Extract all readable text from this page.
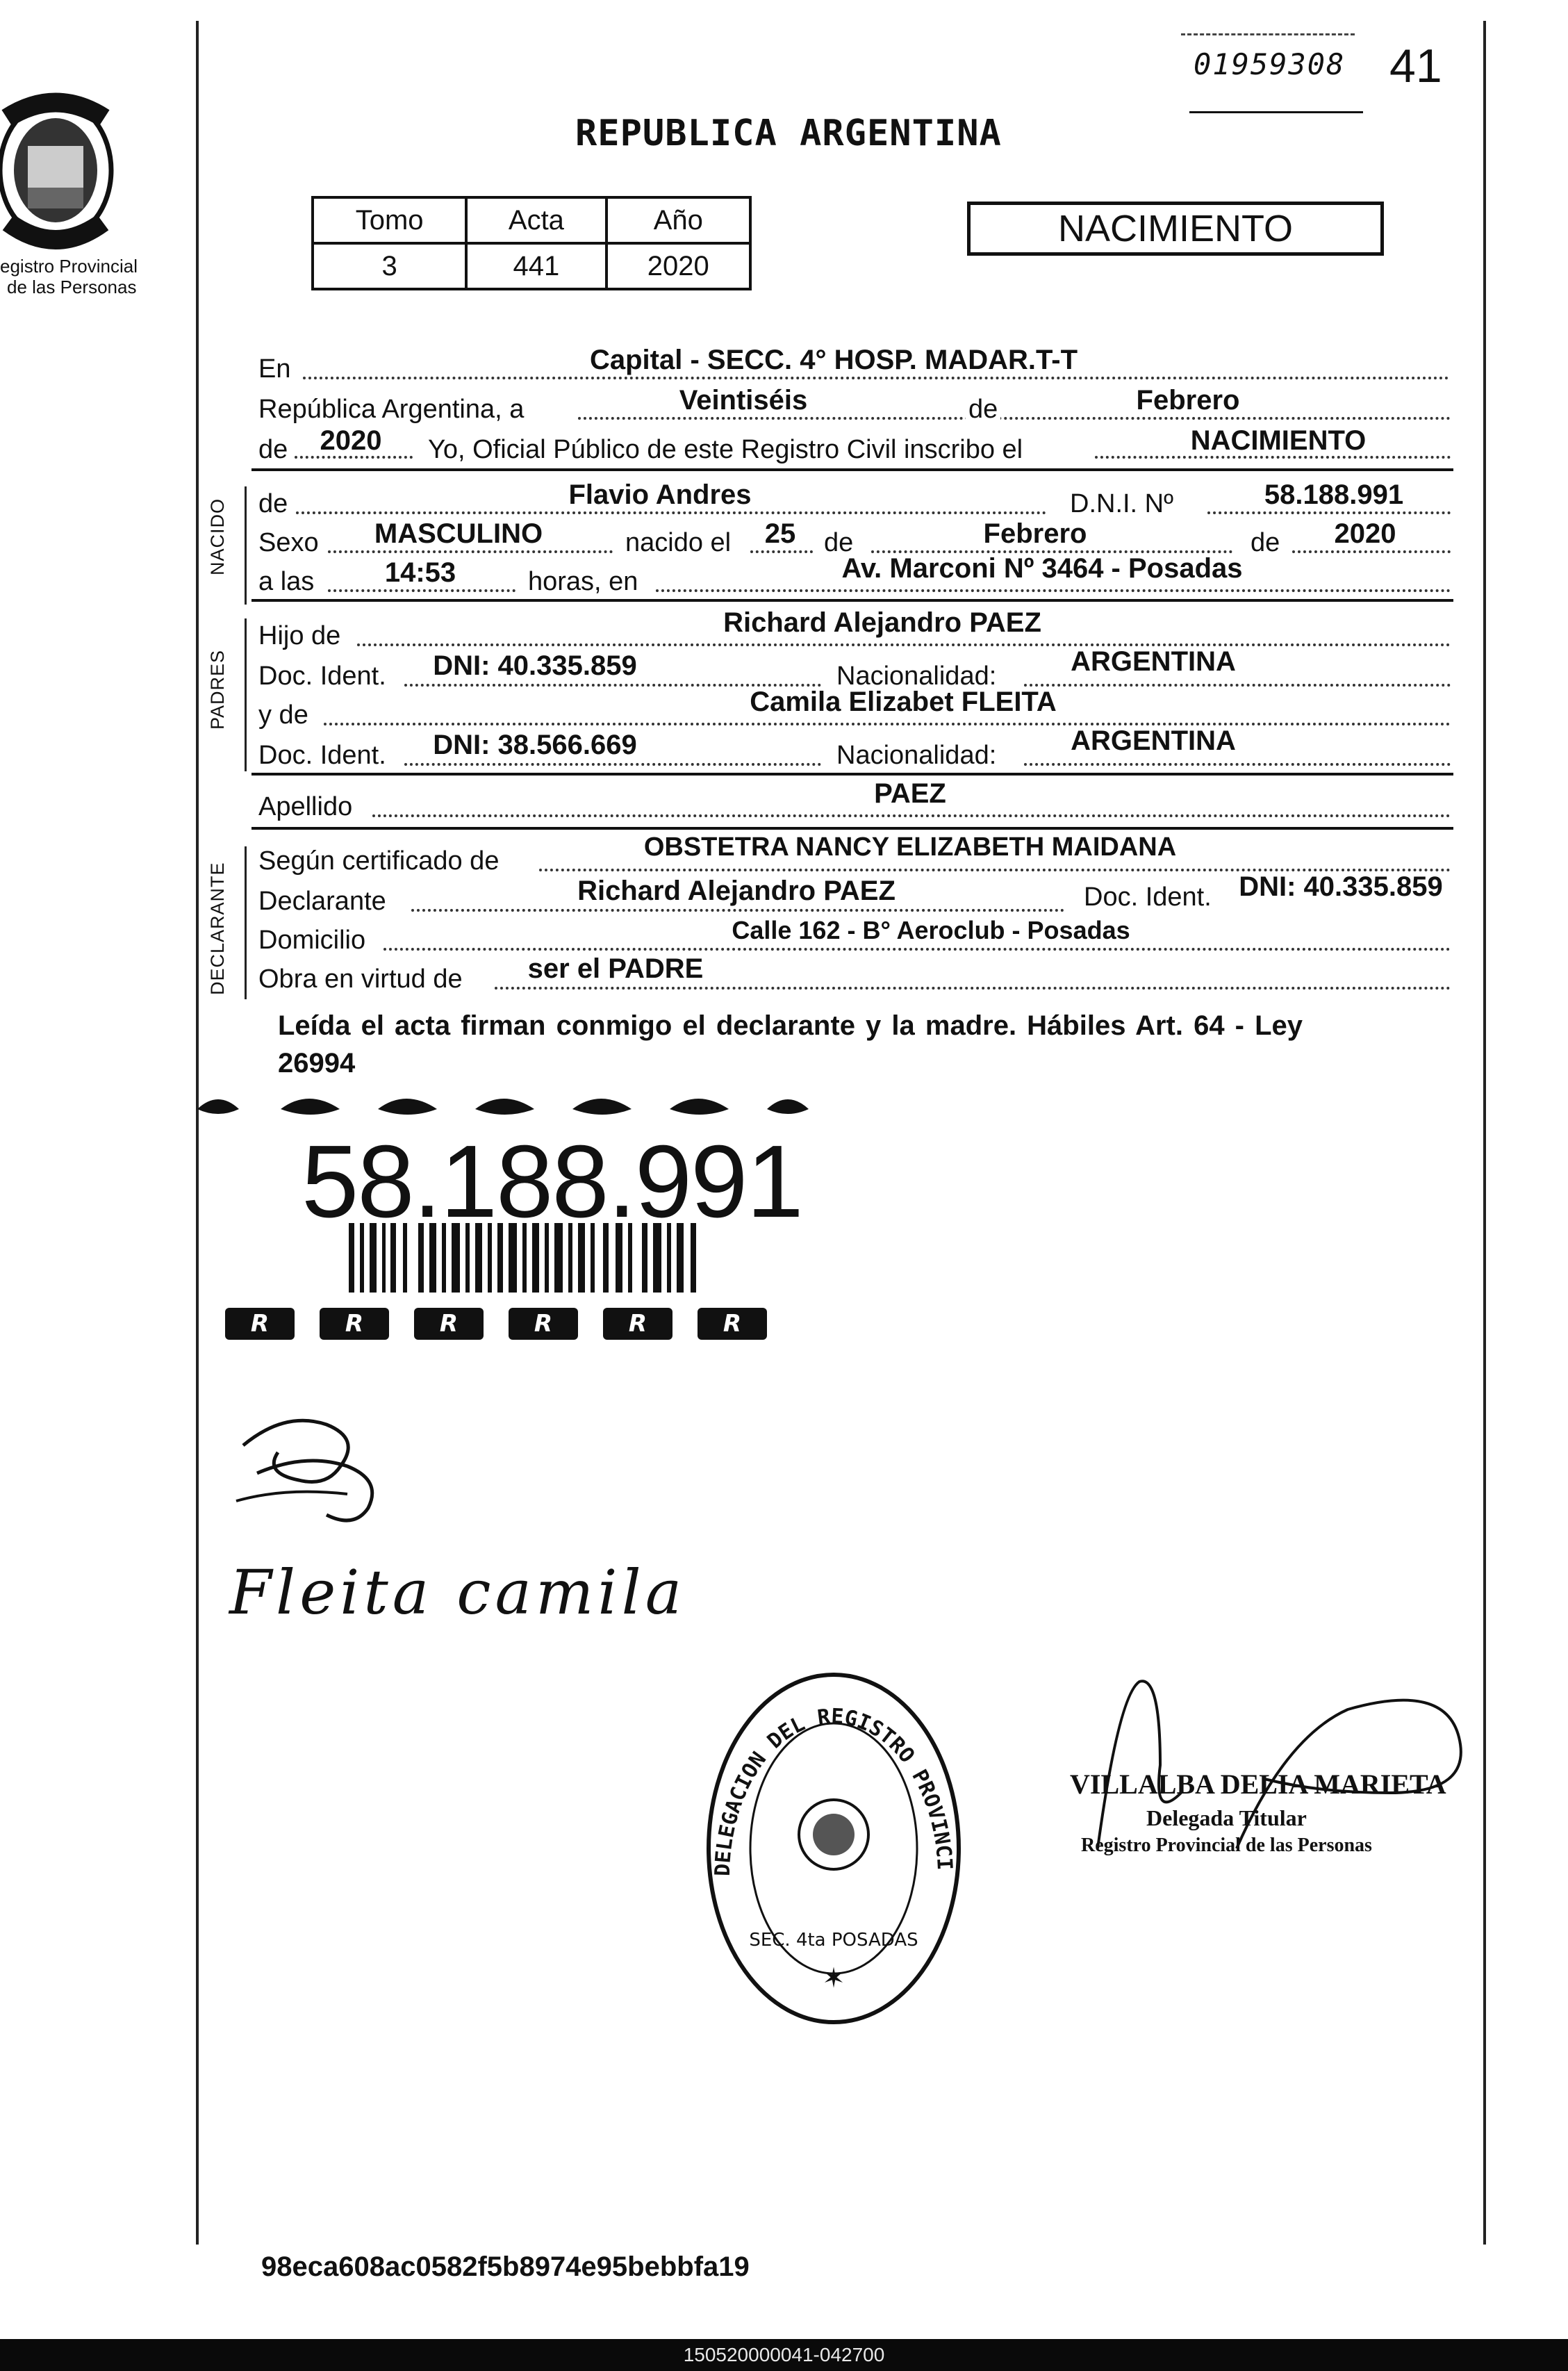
egistro Provincial
de las Personas
01959308 41
REPUBLICA ARGENTINA
Tomo	Acta	Año
3	441	2020
NACIMIENTO
En	Capital - SECC. 4° HOSP. MADAR.T-T
República Argentina, a	Veintiséis	de	Febrero
de	2020	Yo, Oficial Público de este Registro Civil inscribo el	NACIMIENTO
NACIDO de	Flavio Andres	D.N.I. Nº	58.188.991
Sexo	MASCULINO	nacido el	25	de	Febrero	de	2020
a las	14:53	horas, en	Av. Marconi Nº 3464 - Posadas
PADRES
Hijo de	Richard Alejandro PAEZ
Doc. Ident.	DNI: 40.335.859	Nacionalidad:	ARGENTINA
y de	Camila Elizabet FLEITA
Doc. Ident.	DNI: 38.566.669	Nacionalidad:	ARGENTINA
Apellido	PAEZ
DECLARANTE
Según certificado de	OBSTETRA NANCY ELIZABETH MAIDANA
Declarante	Richard Alejandro PAEZ	Doc. Ident. DNI: 40.335.859
Domicilio	Calle 162 - B° Aeroclub - Posadas
Obra en virtud de	ser el PADRE
Leída el acta firman conmigo el declarante y la madre. Hábiles Art. 64 - Ley
26994
R	R	R	R	R	R
58.188.991
Fleita camila
DELEGACION DEL REGISTRO PROVINCI
SEC. 4ta POSADAS
✶
VILLALBA DELIA MARIETA
Delegada Titular
Registro Provincial de las Personas
98eca608ac0582f5b8974e95bebbfa19
150520000041-042700
